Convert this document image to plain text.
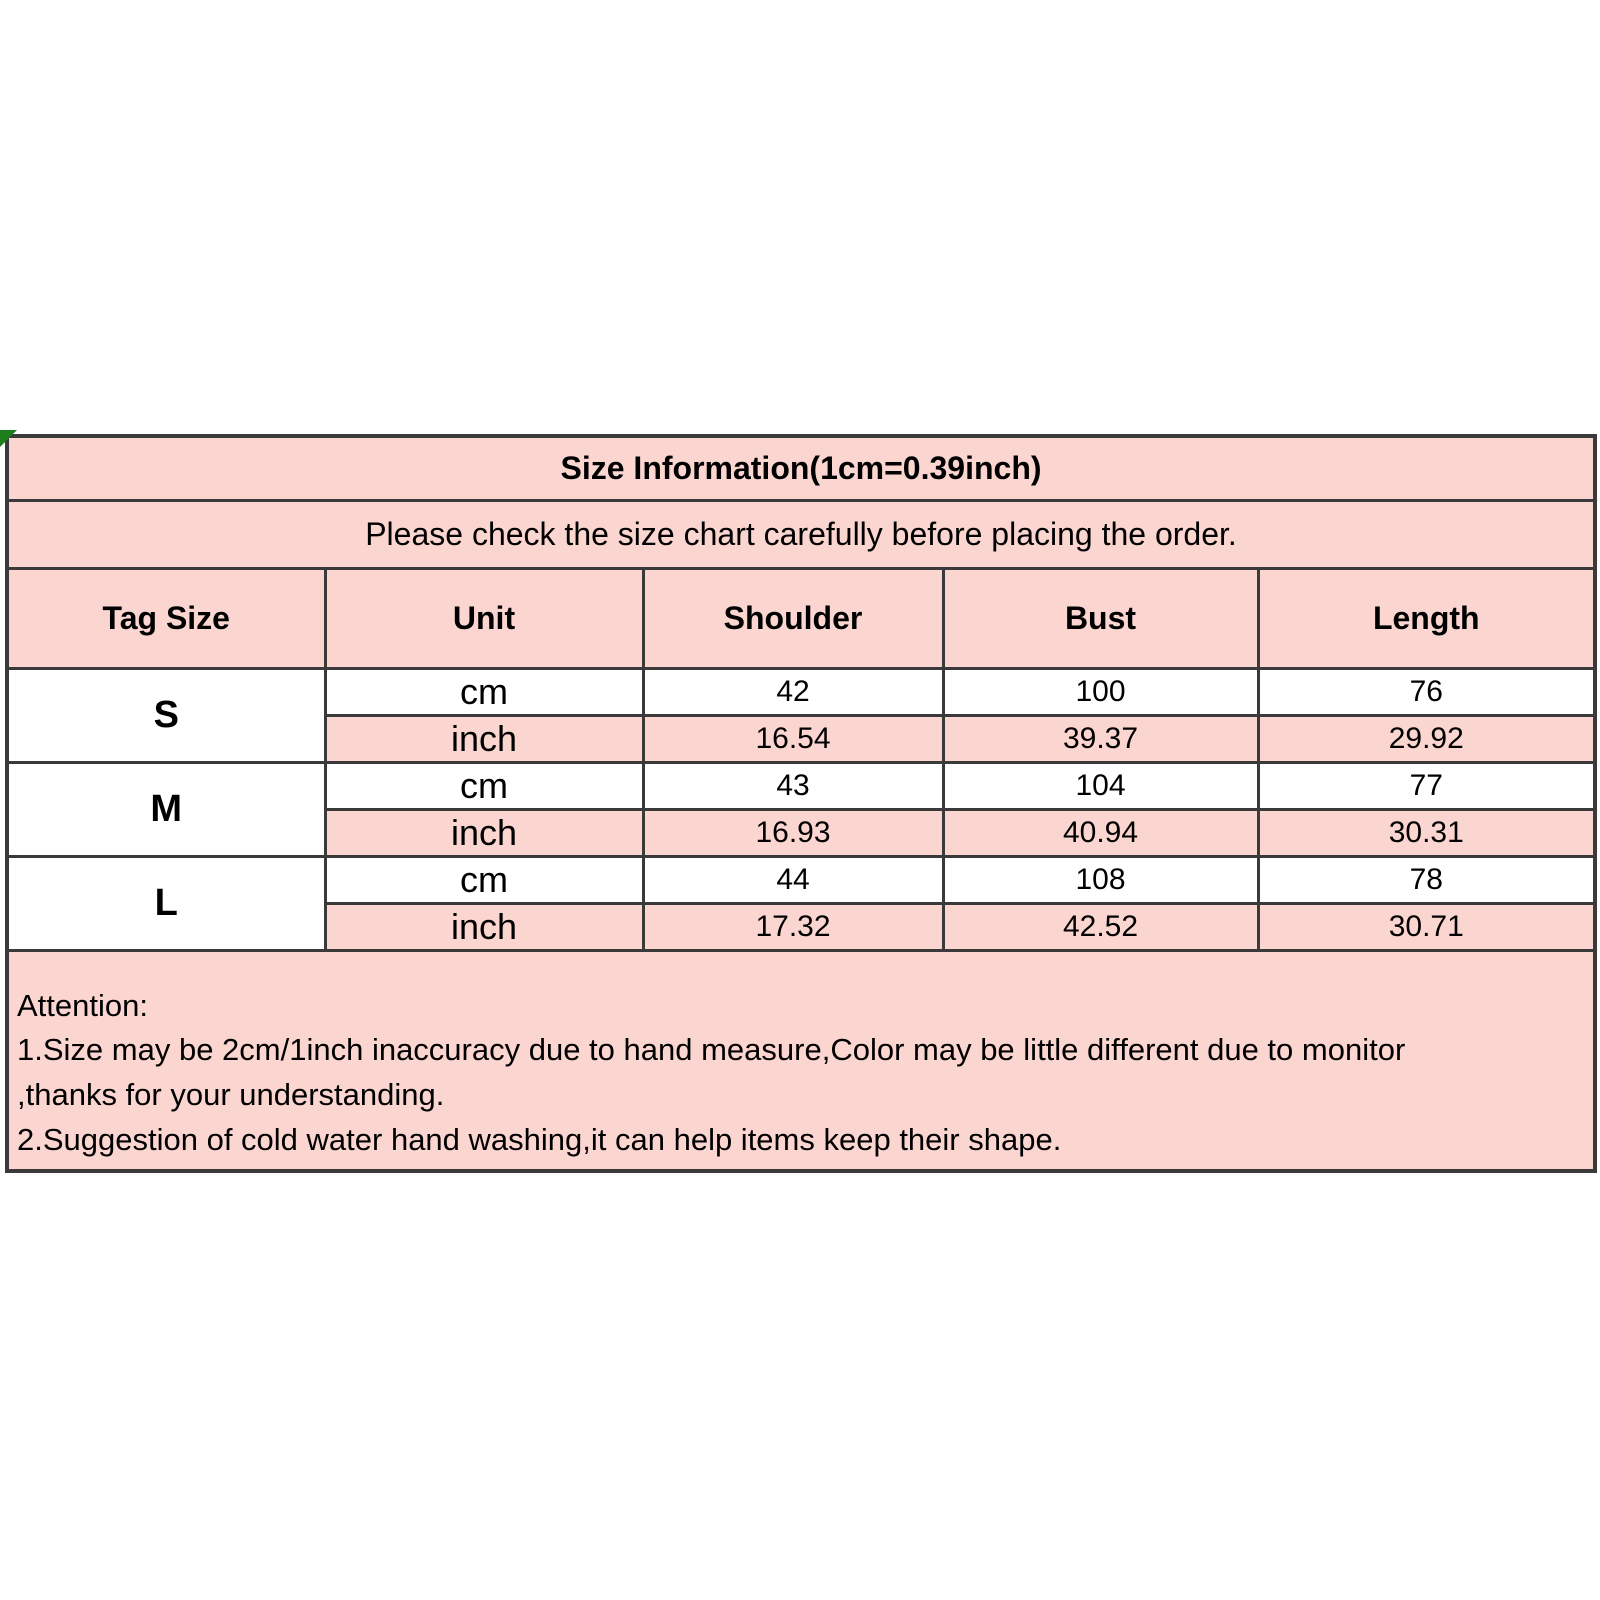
Size Information(1cm=0.39inch)				
Please check the size chart carefully before placing the order.				
Tag Size	Unit	Shoulder	Bust	Length
S	cm	42	100	76
	inch	16.54	39.37	29.92
M	cm	43	104	77
	inch	16.93	40.94	30.31
L	cm	44	108	78
	inch	17.32	42.52	30.71

Attention:
1.Size may be 2cm/1inch inaccuracy due to hand measure,Color may be little different due to monitor
,thanks for your understanding.
2.Suggestion of cold water hand washing,it can help items keep their shape.				
